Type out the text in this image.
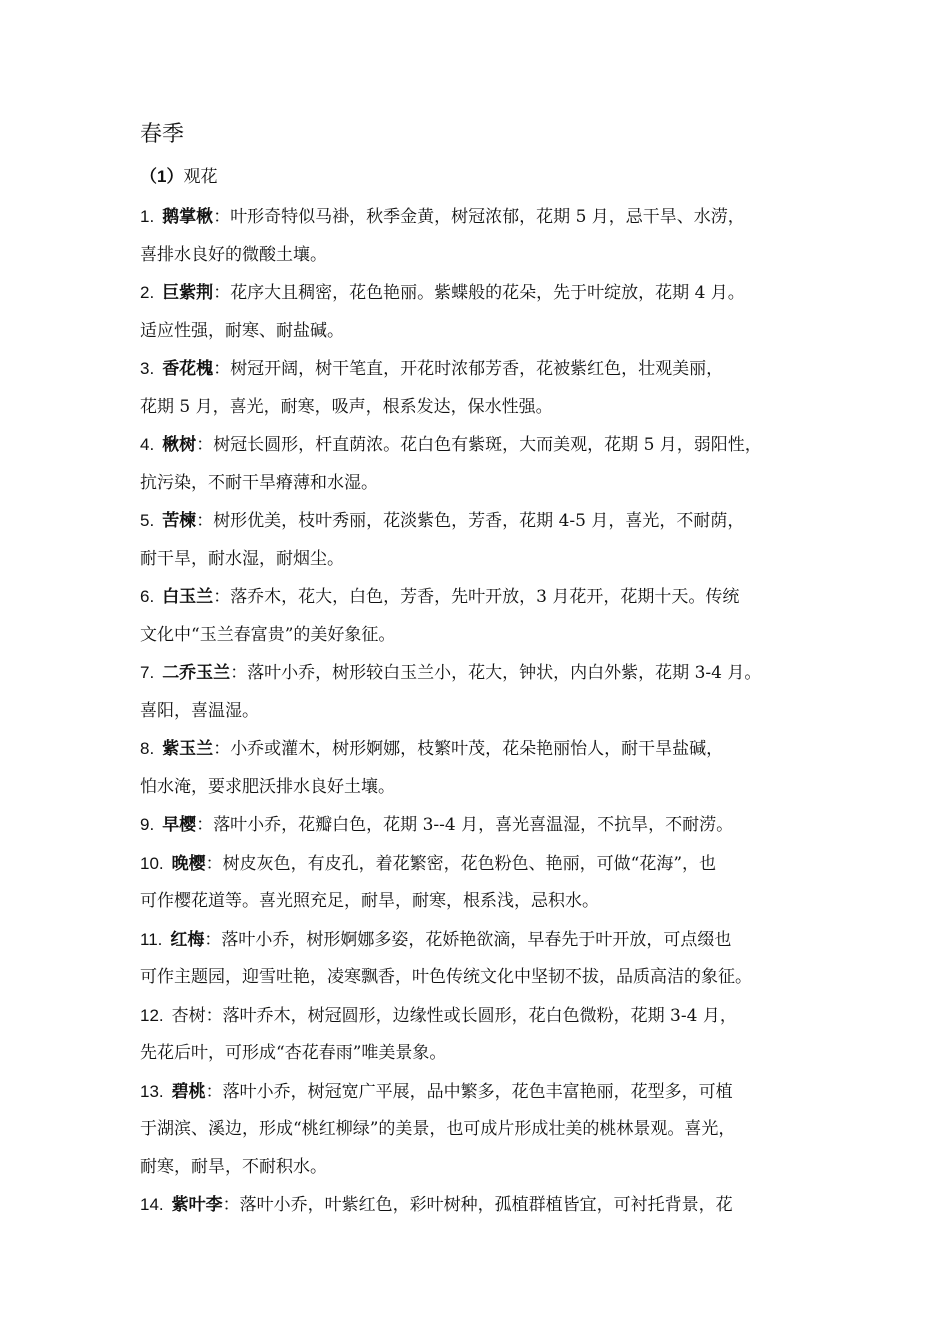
春季

（1）观花

1. 鹅掌楸：叶形奇特似马褂，秋季金黄，树冠浓郁，花期 5 月，忌干旱、水涝，
喜排水良好的微酸土壤。
2. 巨紫荆：花序大且稠密，花色艳丽。紫蝶般的花朵，先于叶绽放，花期 4 月。
适应性强，耐寒、耐盐碱。
3. 香花槐：树冠开阔，树干笔直，开花时浓郁芳香，花被紫红色，壮观美丽，
花期 5 月，喜光，耐寒，吸声，根系发达，保水性强。
4. 楸树：树冠长圆形，杆直荫浓。花白色有紫斑，大而美观，花期 5 月，弱阳性，
抗污染，不耐干旱瘠薄和水湿。
5. 苦楝：树形优美，枝叶秀丽，花淡紫色，芳香，花期 4-5 月，喜光，不耐荫，
耐干旱，耐水湿，耐烟尘。
6. 白玉兰：落乔木，花大，白色，芳香，先叶开放，3 月花开，花期十天。传统
文化中“玉兰春富贵”的美好象征。
7. 二乔玉兰：落叶小乔，树形较白玉兰小，花大，钟状，内白外紫，花期 3-4 月。
喜阳，喜温湿。
8. 紫玉兰：小乔或灌木，树形婀娜，枝繁叶茂，花朵艳丽怡人，耐干旱盐碱，
怕水淹，要求肥沃排水良好土壤。
9. 早樱：落叶小乔，花瓣白色，花期 3--4 月，喜光喜温湿，不抗旱，不耐涝。
10. 晚樱：树皮灰色，有皮孔，着花繁密，花色粉色、艳丽，可做“花海”，也
可作樱花道等。喜光照充足，耐旱，耐寒，根系浅，忌积水。
11. 红梅：落叶小乔，树形婀娜多姿，花娇艳欲滴，早春先于叶开放，可点缀也
可作主题园，迎雪吐艳，凌寒飘香，叶色传统文化中坚韧不拔，品质高洁的象征。
12. 杏树：落叶乔木，树冠圆形，边缘性或长圆形，花白色微粉，花期 3-4 月，
先花后叶，可形成“杏花春雨”唯美景象。
13. 碧桃：落叶小乔，树冠宽广平展，品中繁多，花色丰富艳丽，花型多，可植
于湖滨、溪边，形成“桃红柳绿”的美景，也可成片形成壮美的桃林景观。喜光，
耐寒，耐旱，不耐积水。
14. 紫叶李：落叶小乔，叶紫红色，彩叶树种，孤植群植皆宜，可衬托背景，花
